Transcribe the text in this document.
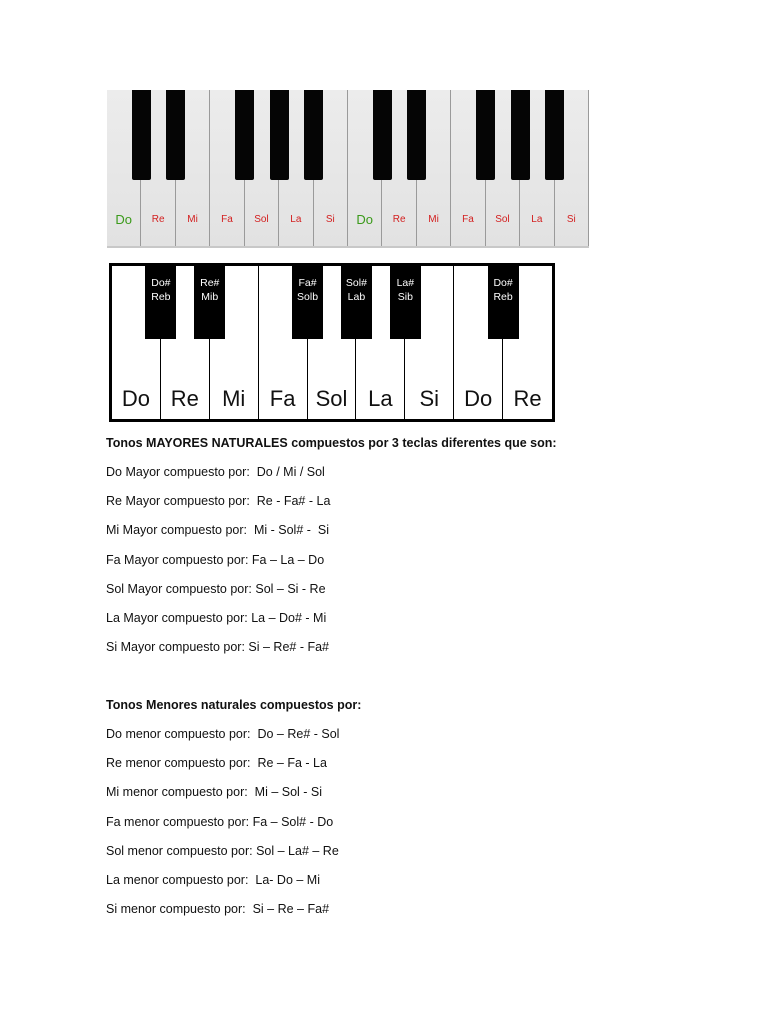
Do	Re	Mi	Fa	Sol	La	Si	Do	Re	Mi	Fa	Sol	La	Si
Do Re	Mi	Fa Sol La	Si	Do Re
Do#
Reb
Re#
Mib
Fa#
Solb
Sol#
Lab
La#
Sib
Do#
Reb
Tonos MAYORES NATURALES compuestos por 3 teclas diferentes que son:
Do Mayor compuesto por:  Do / Mi / Sol
Re Mayor compuesto por:  Re - Fa# - La
Mi Mayor compuesto por:  Mi - Sol# -  Si
Fa Mayor compuesto por: Fa – La – Do
Sol Mayor compuesto por: Sol – Si - Re
La Mayor compuesto por: La – Do# - Mi
Si Mayor compuesto por: Si – Re# - Fa#
Tonos Menores naturales compuestos por:
Do menor compuesto por:  Do – Re# - Sol
Re menor compuesto por:  Re – Fa - La
Mi menor compuesto por:  Mi – Sol - Si
Fa menor compuesto por: Fa – Sol# - Do
Sol menor compuesto por: Sol – La# – Re
La menor compuesto por:  La- Do – Mi
Si menor compuesto por:  Si – Re – Fa#
